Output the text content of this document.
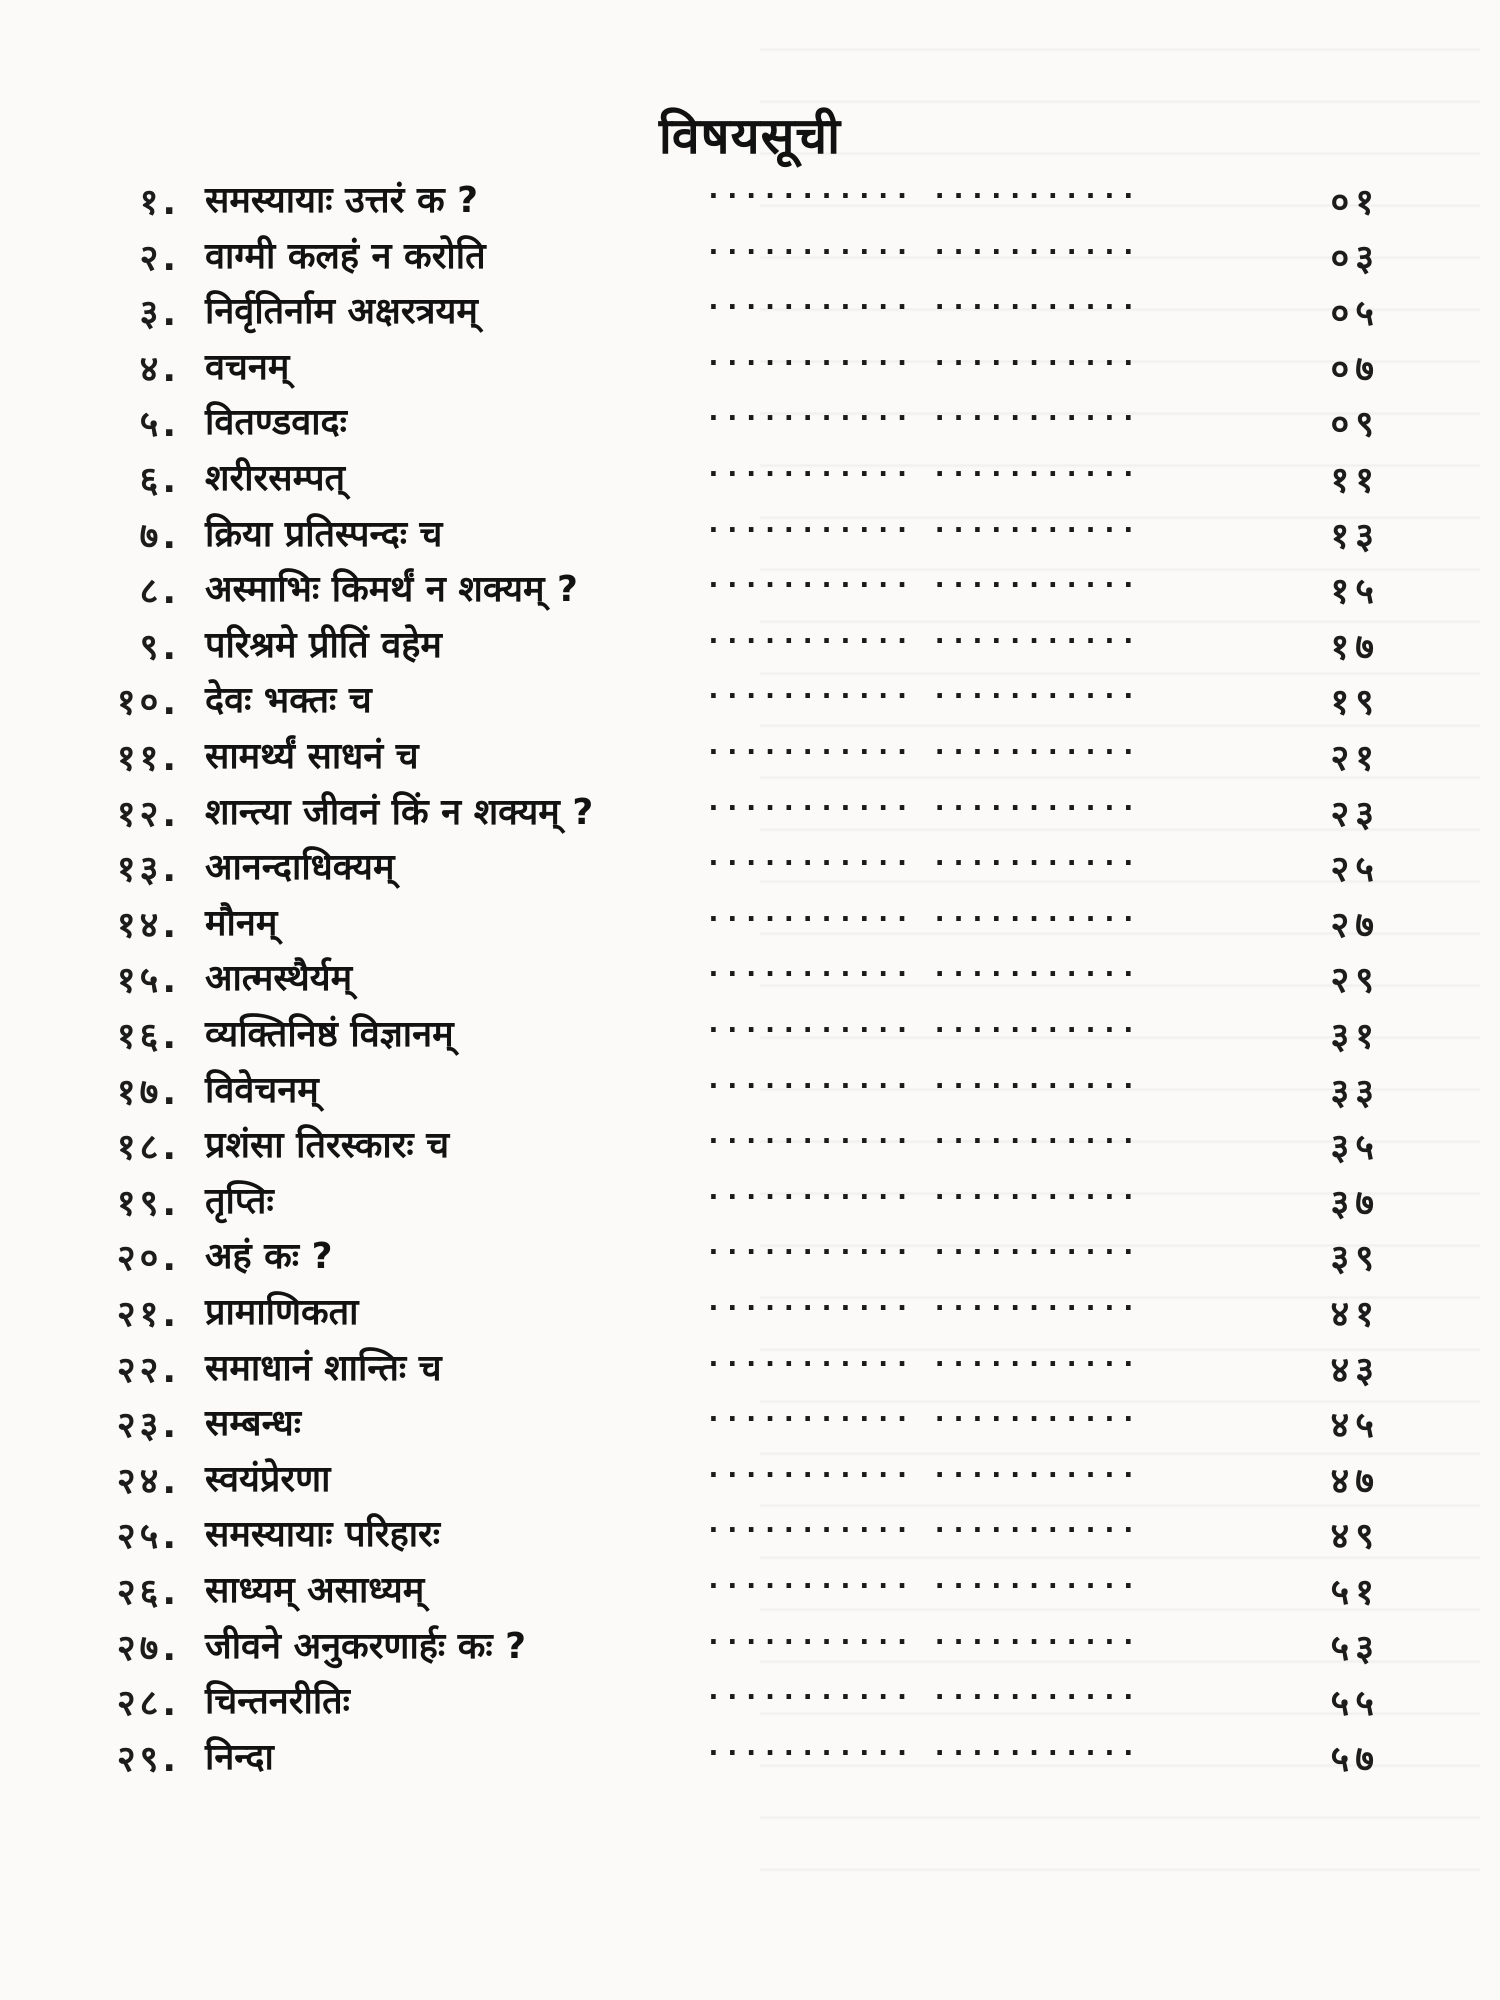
विषयसूची
१. समस्यायाः उत्तरं क ?	........... ...........	०१
२. वाग्मी कलहं न करोति	........... ...........	०३
३. निर्वृतिर्नाम अक्षरत्रयम्	........... ...........	०५
४. वचनम्	........... ...........	०७
५. वितण्डवादः	........... ...........	०९
६. शरीरसम्पत्	........... ...........	११
७. क्रिया प्रतिस्पन्दः च	........... ...........	१३
८. अस्माभिः किमर्थं न शक्यम् ?	........... ...........	१५
९. परिश्रमे प्रीतिं वहेम	........... ...........	१७
१०. देवः भक्तः च	........... ...........	१९
११. सामर्थ्यं साधनं च	........... ...........	२१
१२. शान्त्या जीवनं किं न शक्यम् ?	........... ...........	२३
१३. आनन्दाधिक्यम्	........... ...........	२५
१४. मौनम्	........... ...........	२७
१५. आत्मस्थैर्यम्	........... ...........	२९
१६. व्यक्तिनिष्ठं विज्ञानम्	........... ...........	३१
१७. विवेचनम्	........... ...........	३३
१८. प्रशंसा तिरस्कारः च	........... ...........	३५
१९. तृप्तिः	........... ...........	३७
२०. अहं कः ?	........... ...........	३९
२१. प्रामाणिकता	........... ...........	४१
२२. समाधानं शान्तिः च	........... ...........	४३
२३. सम्बन्धः	........... ...........	४५
२४. स्वयंप्रेरणा	........... ...........	४७
२५. समस्यायाः परिहारः	........... ...........	४९
२६. साध्यम् असाध्यम्	........... ...........	५१
२७. जीवने अनुकरणार्हः कः ?	........... ...........	५३
२८. चिन्तनरीतिः	........... ...........	५५
२९. निन्दा	........... ...........	५७
